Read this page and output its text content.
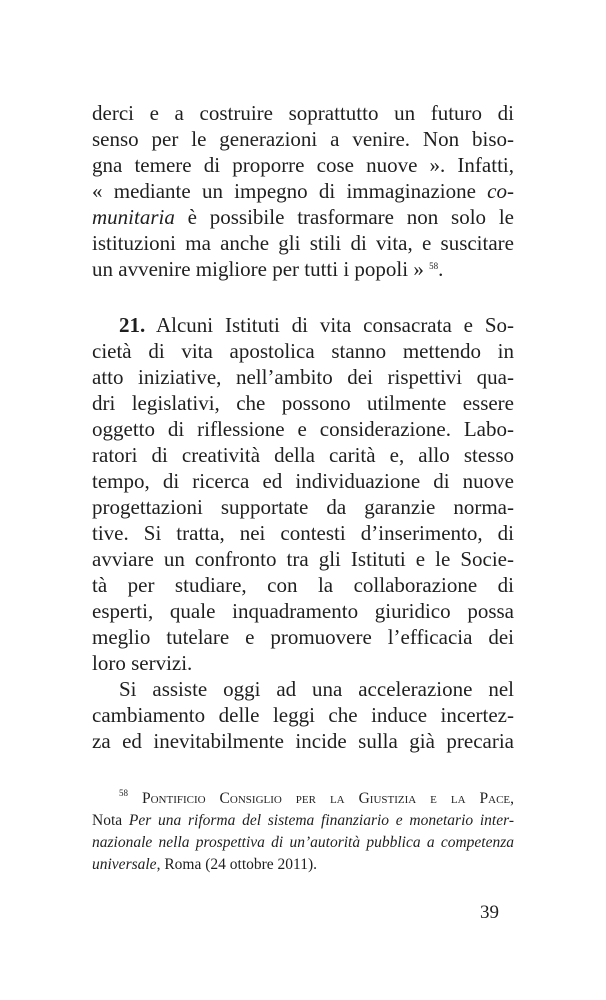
derci e a costruire soprattutto un futuro di
senso per le generazioni a venire. Non biso-
gna temere di proporre cose nuove ». Infatti,
« mediante un impegno di immaginazione co-
munitaria è possibile trasformare non solo le
istituzioni ma anche gli stili di vita, e suscitare
un avvenire migliore per tutti i popoli » $^{58}$.
21. Alcuni Istituti di vita consacrata e So-
cietà di vita apostolica stanno mettendo in
atto iniziative, nell’ambito dei rispettivi qua-
dri legislativi, che possono utilmente essere
oggetto di riflessione e considerazione. Labo-
ratori di creatività della carità e, allo stesso
tempo, di ricerca ed individuazione di nuove
progettazioni supportate da garanzie norma-
tive. Si tratta, nei contesti d’inserimento, di
avviare un confronto tra gli Istituti e le Socie-
tà per studiare, con la collaborazione di
esperti, quale inquadramento giuridico possa
meglio tutelare e promuovere l’efficacia dei
loro servizi.
Si assiste oggi ad una accelerazione nel
cambiamento delle leggi che induce incertez-
za ed inevitabilmente incide sulla già precaria
$^{58}$ Pontificio Consiglio per la Giustizia e la Pace,
Nota Per una riforma del sistema finanziario e monetario inter-
nazionale nella prospettiva di un’autorità pubblica a competenza
universale, Roma (24 ottobre 2011).
39
